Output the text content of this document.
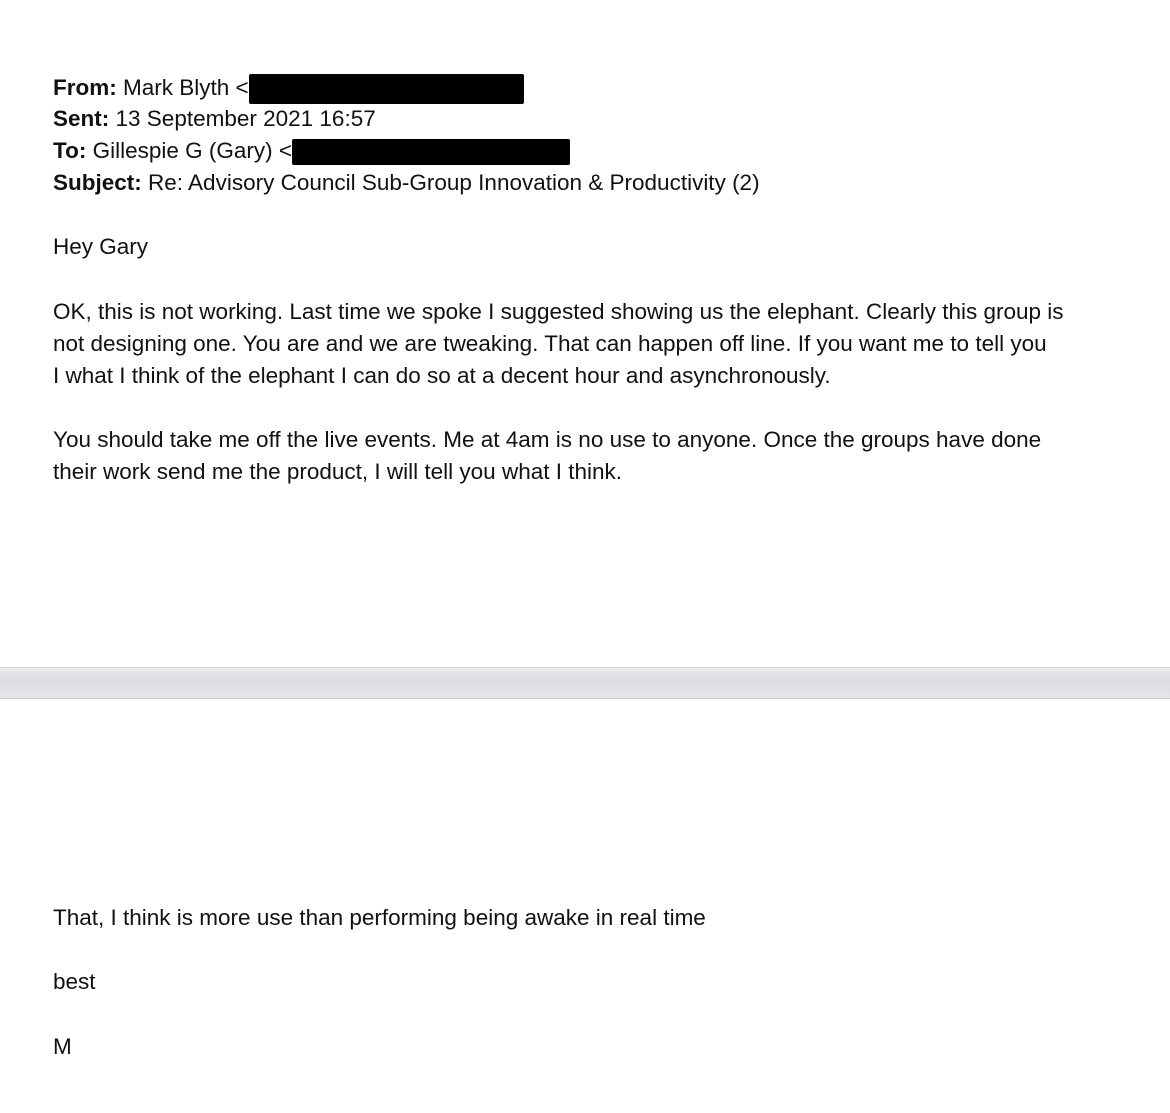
From: Mark Blyth <
Sent: 13 September 2021 16:57
To: Gillespie G (Gary) <
Subject: Re: Advisory Council Sub-Group Innovation & Productivity (2)
Hey Gary
OK, this is not working. Last time we spoke I suggested showing us the elephant. Clearly this group is
not designing one. You are and we are tweaking. That can happen off line. If you want me to tell you
I what I think of the elephant I can do so at a decent hour and asynchronously.
You should take me off the live events. Me at 4am is no use to anyone. Once the groups have done
their work send me the product, I will tell you what I think.
That, I think is more use than performing being awake in real time
best
M
